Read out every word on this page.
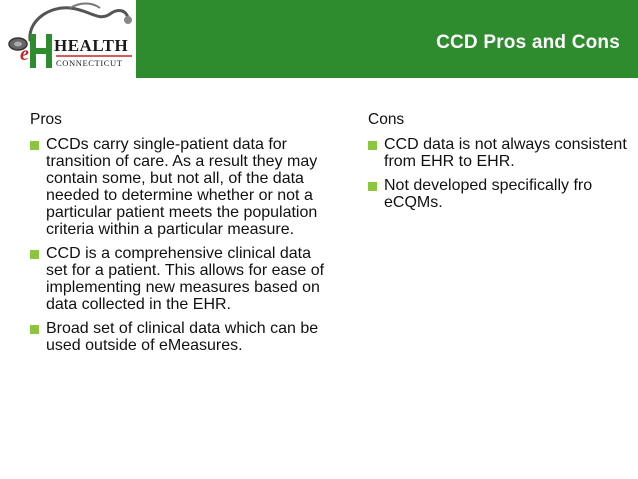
e HEALTH
CONNECTICUT
CCD Pros and Cons
Pros
CCDs carry single-patient data for transition of care. As a result they may contain some, but not all, of the data needed to determine whether or not a particular patient meets the population criteria within a particular measure.
CCD is a comprehensive clinical data set for a patient. This allows for ease of implementing new measures based on data collected in the EHR.
Broad set of clinical data which can be used outside of eMeasures.
Cons
CCD data is not always consistent from EHR to EHR.
Not developed specifically fro eCQMs.
